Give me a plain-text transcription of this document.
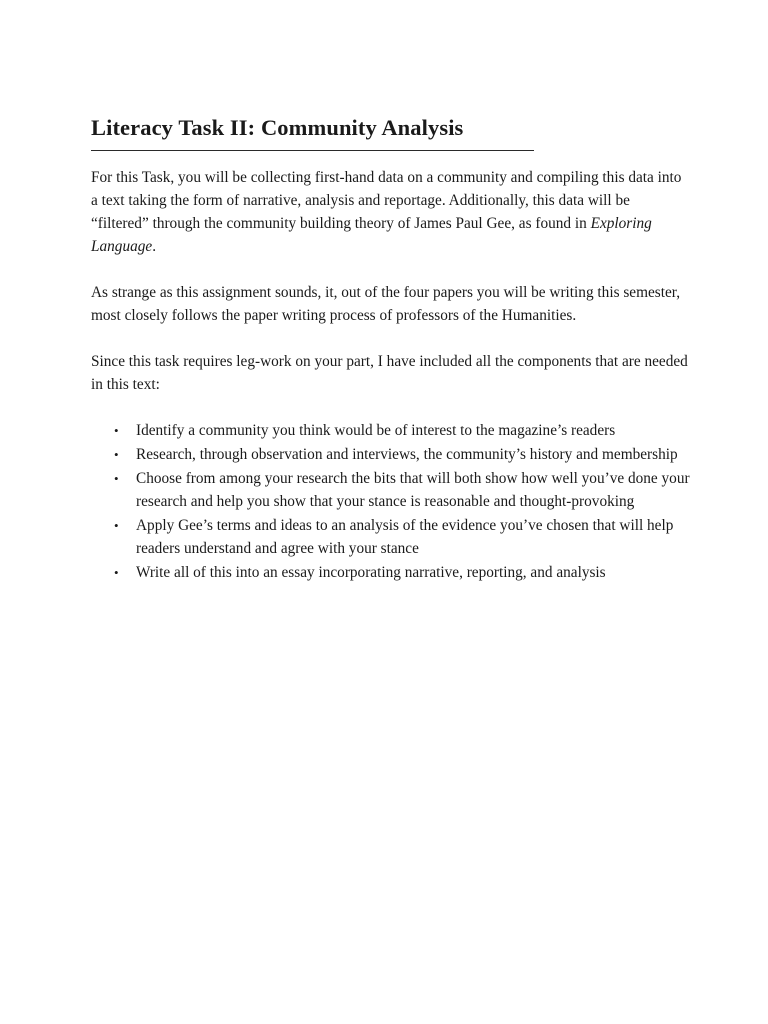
Literacy Task II: Community Analysis

For this Task, you will be collecting first-hand data on a community and compiling this data into a text taking the form of narrative, analysis and reportage. Additionally, this data will be “filtered” through the community building theory of James Paul Gee, as found in Exploring Language.

As strange as this assignment sounds, it, out of the four papers you will be writing this semester, most closely follows the paper writing process of professors of the Humanities.

Since this task requires leg-work on your part, I have included all the components that are needed in this text:

• Identify a community you think would be of interest to the magazine’s readers
• Research, through observation and interviews, the community’s history and membership
• Choose from among your research the bits that will both show how well you’ve done your research and help you show that your stance is reasonable and thought-provoking
• Apply Gee’s terms and ideas to an analysis of the evidence you’ve chosen that will help readers understand and agree with your stance
• Write all of this into an essay incorporating narrative, reporting, and analysis
